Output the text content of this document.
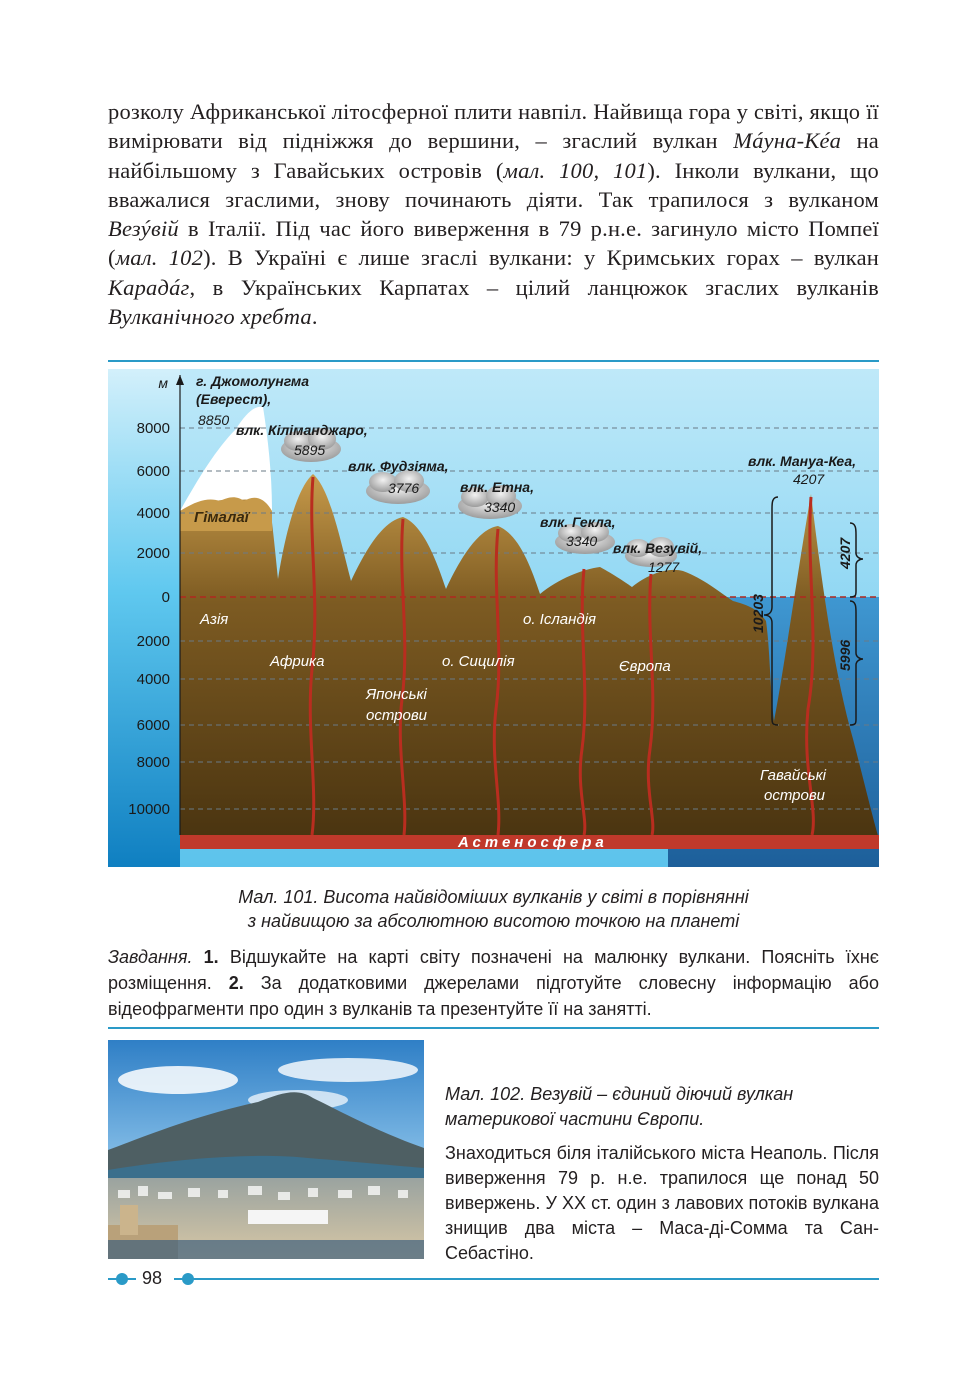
розколу Африканської літосферної плити навпіл. Найвища гора у світі, якщо її вимірювати від підніжжя до вершини, – згаслий вулкан Мáуна-Кéа на найбільшому з Гавайських островів (мал. 100, 101). Інколи вулкани, що вважалися згаслими, знову починають діяти. Так трапилося з вулканом Везýвій в Італії. Під час його виверження в 79 р.н.е. загинуло місто Помпеї (мал. 102). В Україні є лише згаслі вулкани: у Кримських горах – вулкан Карадáг, в Українських Карпатах – цілий ланцюжок згаслих вулканів Вулканічного хребта.

м
8000
6000
4000
2000
0
2000
4000
6000
8000
10000
г. Джомолунгма
(Еверест),
8850
влк. Кіліманджаро,
5895
влк. Фудзіяма,
3776	влк. Етна,
3340
влк. Гекла,
3340 влк. Везувій,
1277
влк. Мануа-Кеа,
4207
Гімалаї
Азія
Африка
Японські
острови
о. Сицилія
о. Ісландія
Європа
Гавайські
острови
10203
4207
5996
Астеносфера

Мал. 101. Висота найвідоміших вулканів у світі в порівнянні
з найвищою за абсолютною висотою точкою на планеті

Завдання. 1. Відшукайте на карті світу позначені на малюнку вулкани. Поясніть їхнє розміщення. 2. За додатковими джерелами підготуйте словесну інформацію або відеофрагменти про один з вулканів та презентуйте її на занятті.

Мал. 102. Везувій – єдиний діючий вулкан материкової частини Європи.

Знаходиться біля італійського міста Неаполь. Після виверження 79 р. н.е. трапилося ще понад 50 вивержень. У ХХ ст. один з лавових потоків вулкана знищив два міста – Маса-ді-Сомма та Сан-Себастіно.

98
